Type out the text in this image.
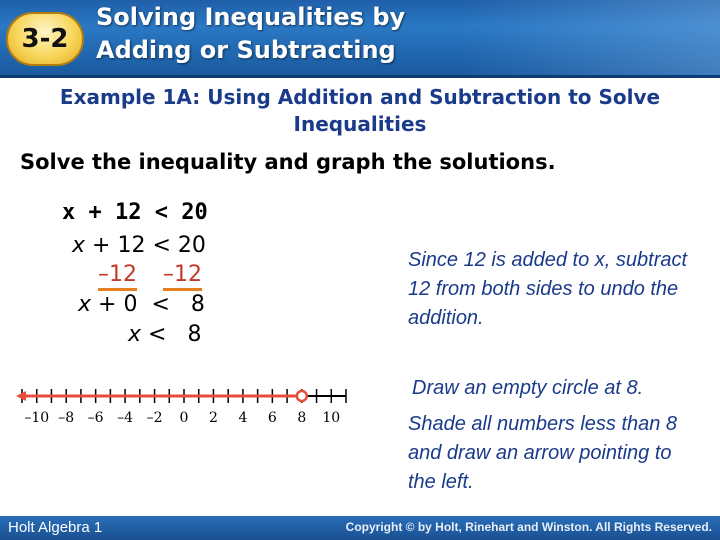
3-2
Solving Inequalities by
Adding or Subtracting
Example 1A: Using Addition and Subtraction to Solve
Inequalities
Solve the inequality and graph the solutions.
x + 12 < 20
x + 12 < 20
–12 –12
x + 0  <   8
x <   8
Since 12 is added to x, subtract 12 from both sides to undo the addition.
Draw an empty circle at 8.
Shade all numbers less than 8 and draw an arrow pointing to the left.
–10 –8 –6 –4 –2 0 2 4 6 8 10
Holt Algebra 1	Copyright © by Holt, Rinehart and Winston. All Rights Reserved.
